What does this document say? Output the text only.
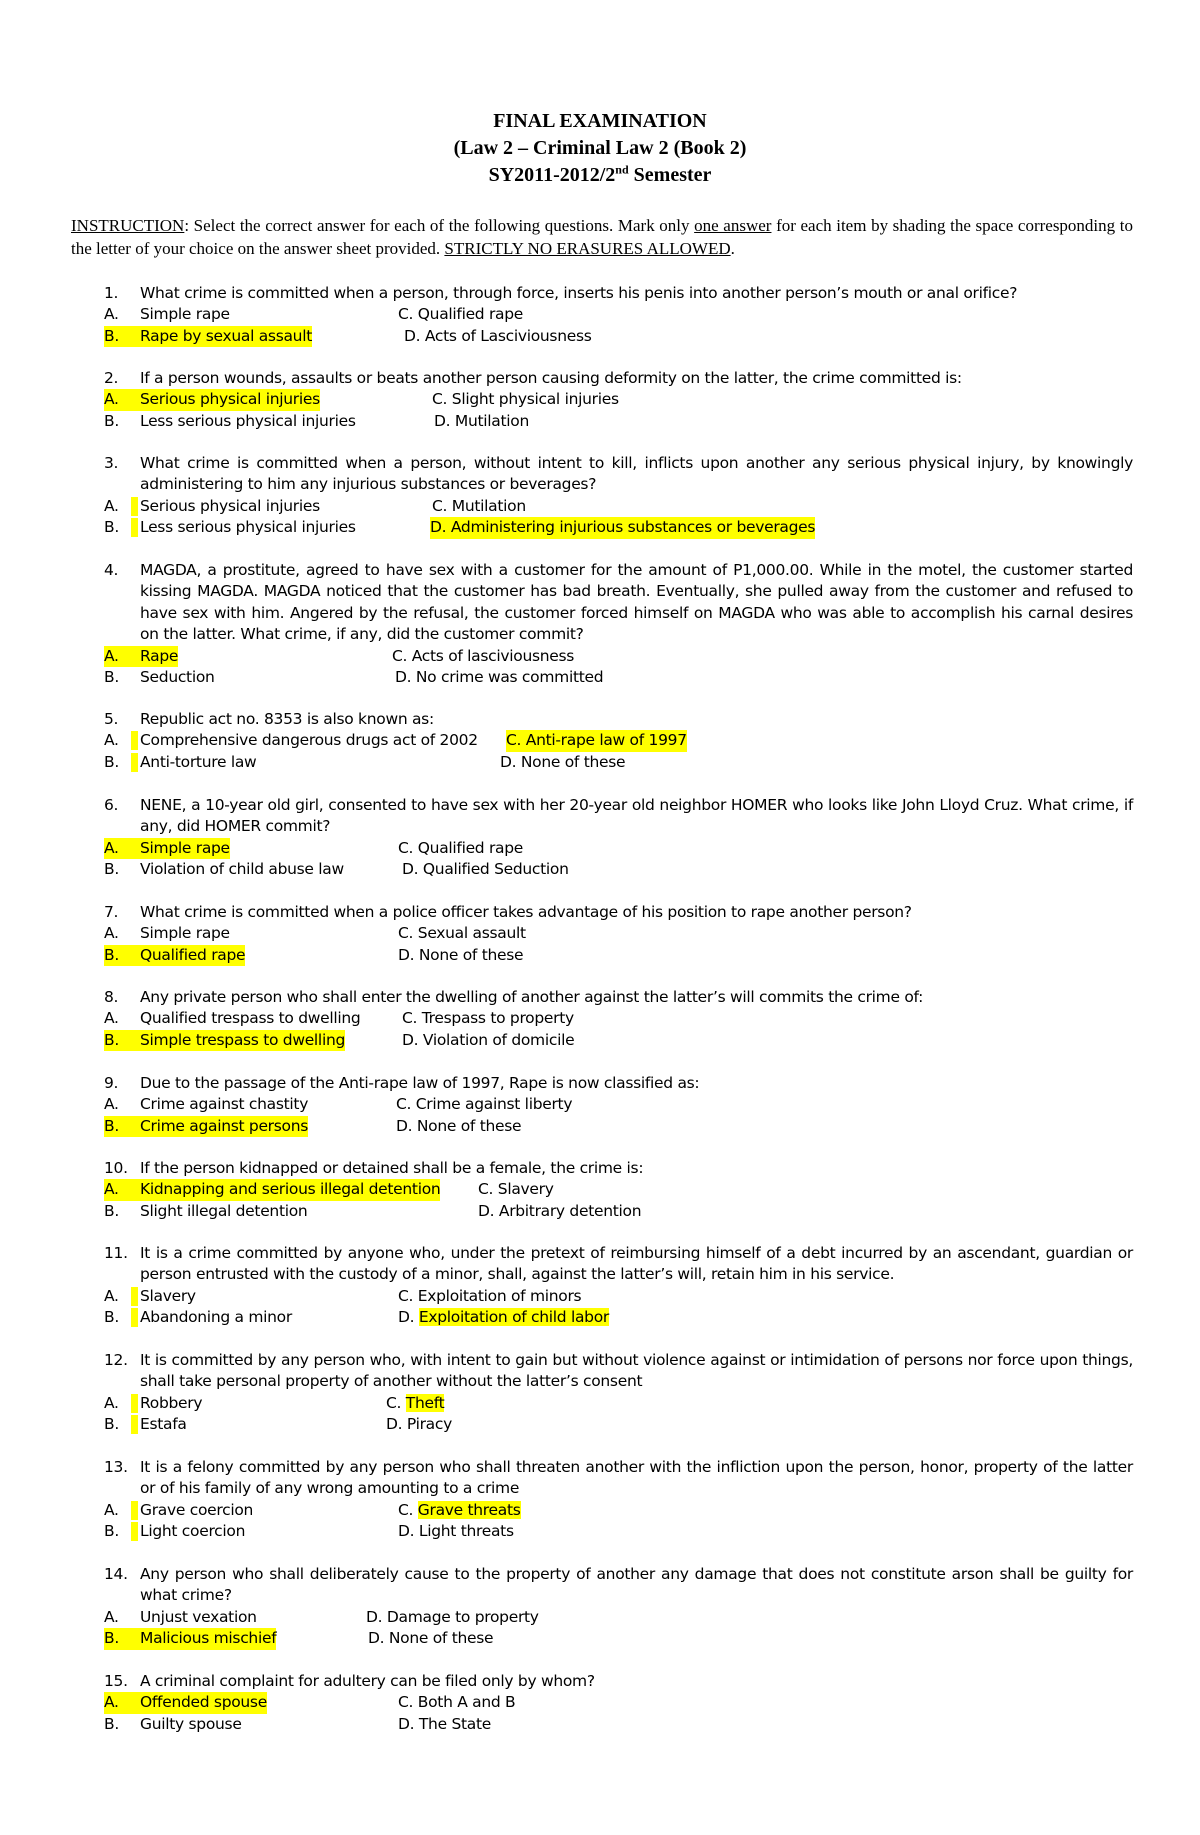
FINAL EXAMINATION
(Law 2 – Criminal Law 2 (Book 2)
SY2011-2012/2nd Semester
INSTRUCTION: Select the correct answer for each of the following questions. Mark only one answer for each item by shading the space corresponding to the letter of your choice on the answer sheet provided. STRICTLY NO ERASURES ALLOWED.
1.	What crime is committed when a person, through force, inserts his penis into another person’s mouth or anal orifice?
A. Simple rape	C. Qualified rape
B.	Rape by sexual assault	D. Acts of Lasciviousness
2.	If a person wounds, assaults or beats another person causing deformity on the latter, the crime committed is:
A.	Serious physical injuries	C. Slight physical injuries
B. Less serious physical injuries	D. Mutilation
3.	What crime is committed when a person, without intent to kill, inflicts upon another any serious physical injury, by knowingly administering to him any injurious substances or beverages?
A. Serious physical injuries	C. Mutilation
B. Less serious physical injuries	D. Administering injurious substances or beverages
4.	MAGDA, a prostitute, agreed to have sex with a customer for the amount of P1,000.00. While in the motel, the customer started kissing MAGDA. MAGDA noticed that the customer has bad breath. Eventually, she pulled away from the customer and refused to have sex with him. Angered by the refusal, the customer forced himself on MAGDA who was able to accomplish his carnal desires on the latter. What crime, if any, did the customer commit?
A.	Rape	C. Acts of lasciviousness
B. Seduction	D. No crime was committed
5.	Republic act no. 8353 is also known as:
A. Comprehensive dangerous drugs act of 2002 C. Anti-rape law of 1997
B. Anti-torture law	D. None of these
6.	NENE, a 10-year old girl, consented to have sex with her 20-year old neighbor HOMER who looks like John Lloyd Cruz. What crime, if any, did HOMER commit?
A.	Simple rape	C. Qualified rape
B. Violation of child abuse law	D. Qualified Seduction
7.	What crime is committed when a police officer takes advantage of his position to rape another person?
A. Simple rape	C. Sexual assault
B.	Qualified rape	D. None of these
8.	Any private person who shall enter the dwelling of another against the latter’s will commits the crime of:
A. Qualified trespass to dwelling	C. Trespass to property
B.	Simple trespass to dwelling	D. Violation of domicile
9.	Due to the passage of the Anti-rape law of 1997, Rape is now classified as:
A. Crime against chastity	C. Crime against liberty
B.	Crime against persons	D. None of these
10. If the person kidnapped or detained shall be a female, the crime is:
A.	Kidnapping and serious illegal detention C. Slavery
B. Slight illegal detention	D. Arbitrary detention
11. It is a crime committed by anyone who, under the pretext of reimbursing himself of a debt incurred by an ascendant, guardian or person entrusted with the custody of a minor, shall, against the latter’s will, retain him in his service.
A. Slavery	C. Exploitation of minors
B. Abandoning a minor	D. Exploitation of child labor
12. It is committed by any person who, with intent to gain but without violence against or intimidation of persons nor force upon things, shall take personal property of another without the latter’s consent
A. Robbery	C. Theft
B. Estafa	D. Piracy
13. It is a felony committed by any person who shall threaten another with the infliction upon the person, honor, property of the latter or of his family of any wrong amounting to a crime
A. Grave coercion	C. Grave threats
B. Light coercion	D. Light threats
14. Any person who shall deliberately cause to the property of another any damage that does not constitute arson shall be guilty for what crime?
A. Unjust vexation	D. Damage to property
B.	Malicious mischief	D. None of these
15. A criminal complaint for adultery can be filed only by whom?
A.	Offended spouse	C. Both A and B
B. Guilty spouse	D. The State
